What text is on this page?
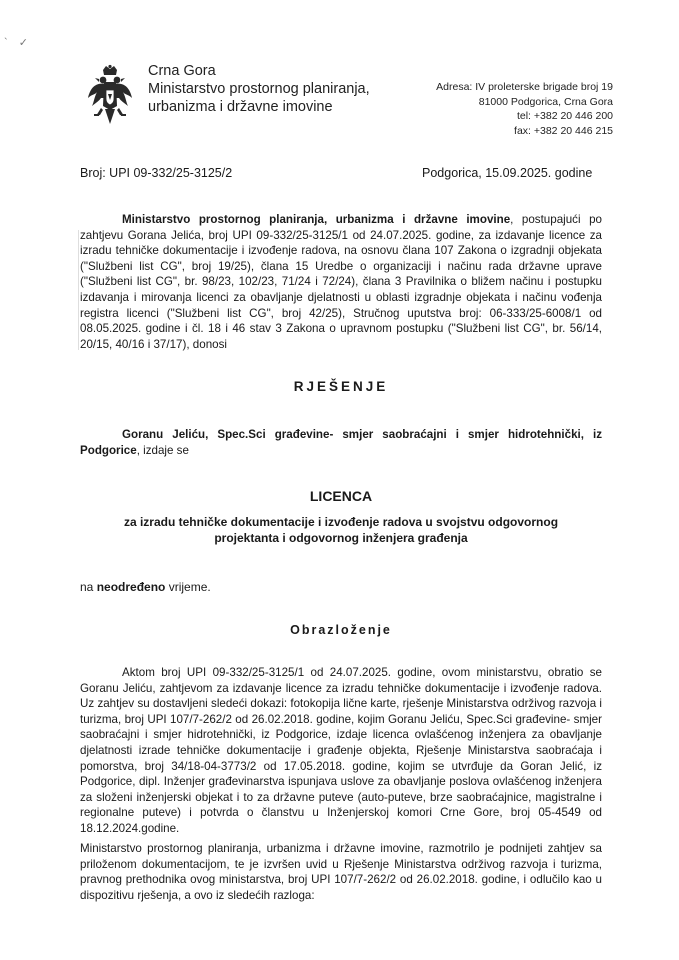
` ✓
Crna Gora
Ministarstvo prostornog planiranja,
urbanizma i državne imovine
Adresa: IV proleterske brigade broj 19
81000 Podgorica, Crna Gora
tel: +382 20 446 200
fax: +382 20 446 215
Broj: UPI 09-332/25-3125/2	Podgorica, 15.09.2025. godine
Ministarstvo prostornog planiranja, urbanizma i državne imovine, postupajući po zahtjevu Gorana Jelića, broj UPI 09-332/25-3125/1 od 24.07.2025. godine, za izdavanje licence za izradu tehničke dokumentacije i izvođenje radova, na osnovu člana 107 Zakona o izgradnji objekata ("Službeni list CG", broj 19/25), člana 15 Uredbe o organizaciji i načinu rada državne uprave ("Službeni list CG", br. 98/23, 102/23, 71/24 i 72/24), člana 3 Pravilnika o bližem načinu i postupku izdavanja i mirovanja licenci za obavljanje djelatnosti u oblasti izgradnje objekata i načinu vođenja registra licenci ("Službeni list CG", broj 42/25), Stručnog uputstva broj: 06-333/25-6008/1 od 08.05.2025. godine i čl. 18 i 46 stav 3 Zakona o upravnom postupku ("Službeni list CG", br. 56/14, 20/15, 40/16 i 37/17), donosi
RJEŠENJE
Goranu Jeliću, Spec.Sci građevine- smjer saobraćajni i smjer hidrotehnički, iz Podgorice, izdaje se
LICENCA
za izradu tehničke dokumentacije i izvođenje radova u svojstvu odgovornog
projektanta i odgovornog inženjera građenja
na neodređeno vrijeme.
Obrazloženje
Aktom broj UPI 09-332/25-3125/1 od 24.07.2025. godine, ovom ministarstvu, obratio se Goranu Jeliću, zahtjevom za izdavanje licence za izradu tehničke dokumentacije i izvođenje radova. Uz zahtjev su dostavljeni sledeći dokazi: fotokopija lične karte, rješenje Ministarstva održivog razvoja i turizma, broj UPI 107/7-262/2 od 26.02.2018. godine, kojim Goranu Jeliću, Spec.Sci građevine- smjer saobraćajni i smjer hidrotehnički, iz Podgorice, izdaje licenca ovlašćenog inženjera za obavljanje djelatnosti izrade tehničke dokumentacije i građenje objekta, Rješenje Ministarstva saobraćaja i pomorstva, broj 34/18-04-3773/2 od 17.05.2018. godine, kojim se utvrđuje da Goran Jelić, iz Podgorice, dipl. Inženjer građevinarstva ispunjava uslove za obavljanje poslova ovlašćenog inženjera za složeni inženjerski objekat i to za državne puteve (auto-puteve, brze saobraćajnice, magistralne i regionalne puteve) i potvrda o članstvu u Inženjerskoj komori Crne Gore, broj 05-4549 od 18.12.2024.godine.
Ministarstvo prostornog planiranja, urbanizma i državne imovine, razmotrilo je podnijeti zahtjev sa priloženom dokumentacijom, te je izvršen uvid u Rješenje Ministarstva održivog razvoja i turizma, pravnog prethodnika ovog ministarstva, broj UPI 107/7-262/2 od 26.02.2018. godine, i odlučilo kao u dispozitivu rješenja, a ovo iz sledećih razloga:
